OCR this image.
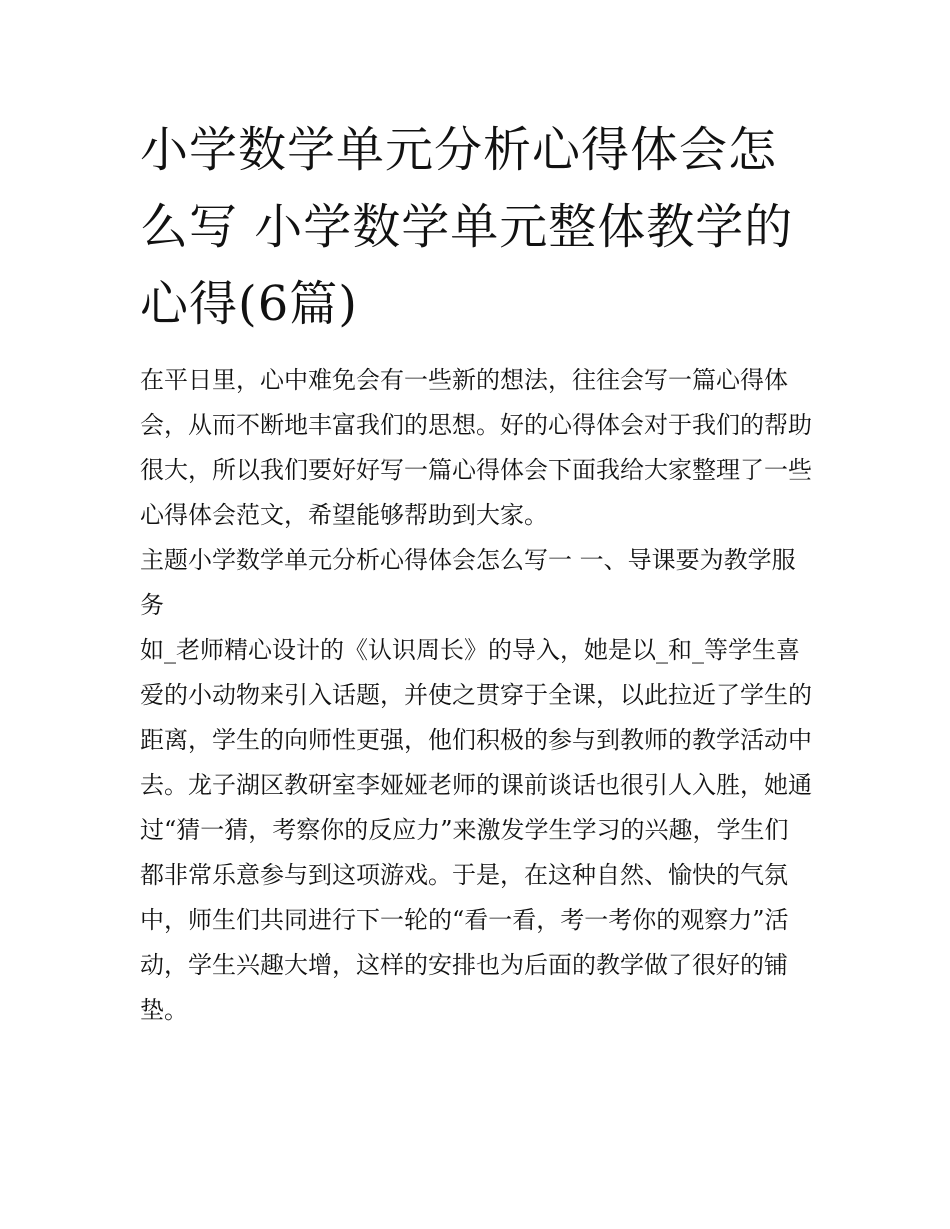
小学数学单元分析心得体会怎么写 小学数学单元整体教学的心得(6篇)

在平日里，心中难免会有一些新的想法，往往会写一篇心得体会，从而不断地丰富我们的思想。好的心得体会对于我们的帮助很大，所以我们要好好写一篇心得体会下面我给大家整理了一些心得体会范文，希望能够帮助到大家。

主题小学数学单元分析心得体会怎么写一 一、导课要为教学服务

如_老师精心设计的《认识周长》的导入，她是以_和_等学生喜爱的小动物来引入话题，并使之贯穿于全课，以此拉近了学生的距离，学生的向师性更强，他们积极的参与到教师的教学活动中去。龙子湖区教研室李娅娅老师的课前谈话也很引人入胜，她通过“猜一猜，考察你的反应力”来激发学生学习的兴趣，学生们都非常乐意参与到这项游戏。于是，在这种自然、愉快的气氛中，师生们共同进行下一轮的“看一看，考一考你的观察力”活动，学生兴趣大增，这样的安排也为后面的教学做了很好的铺垫。
